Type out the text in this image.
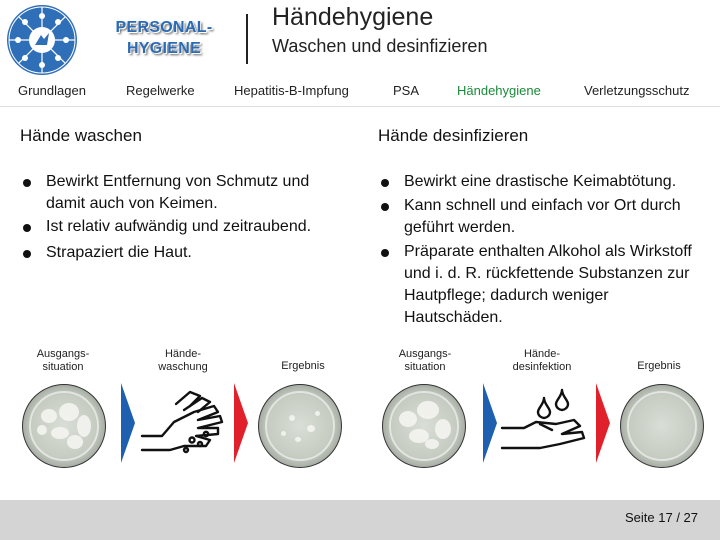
PERSONAL-
HYGIENE
Händehygiene
Waschen und desinfizieren
Grundlagen	Regelwerke	Hepatitis-B-Impfung	PSA	Händehygiene	Verletzungsschutz
Hände waschen	Hände desinfizieren
Bewirkt Entfernung von Schmutz und damit auch von Keimen.
Ist relativ aufwändig und zeitraubend.
Strapaziert die Haut.
Bewirkt eine drastische Keimabtötung.
Kann schnell und einfach vor Ort durch geführt werden.
Präparate enthalten Alkohol als Wirkstoff und i. d. R. rückfettende Substanzen zur Hautpflege; dadurch weniger Hautschäden.
Ausgangs-
situation
Hände-
waschung	Ergebnis
Ausgangs-
situation
Hände-
desinfektion	Ergebnis
Seite 17 / 27
